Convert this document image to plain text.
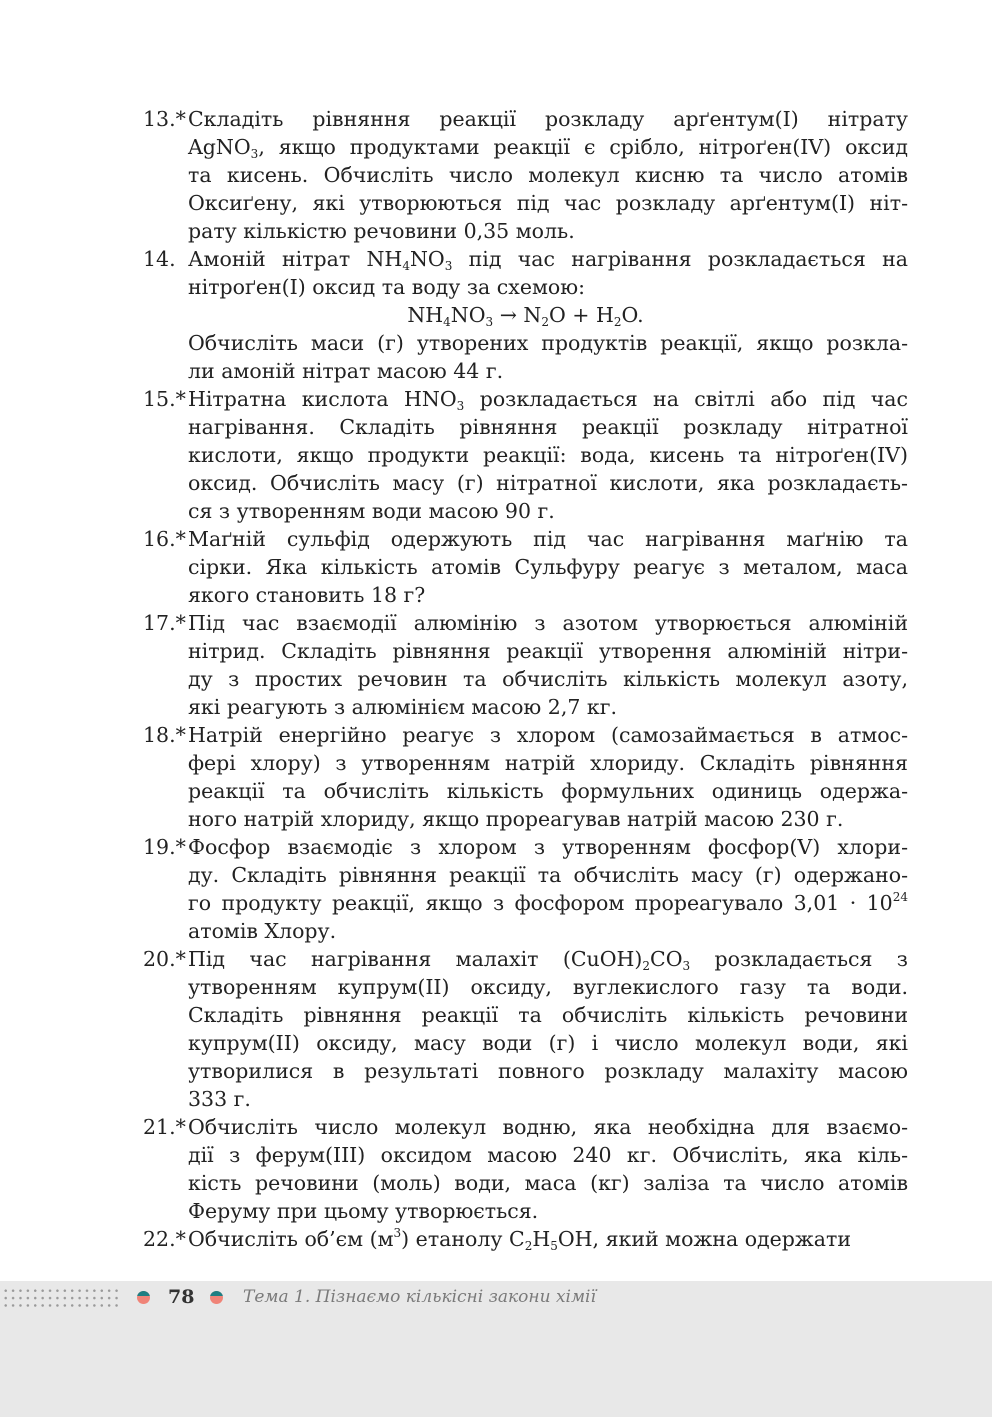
13.* Складіть рівняння реакції розкладу арґентум(I) нітрату
AgNO$_3$, якщо продуктами реакції є срібло, нітроґен(IV) оксид
та кисень. Обчисліть число молекул кисню та число атомів
Оксиґену, які утворюються під час розкладу арґентум(I) ніт-
рату кількістю речовини 0,35 моль.
14. Амоній нітрат $NH_4NO_3$ під час нагрівання розкладається на
нітроґен(I) оксид та воду за схемою:
$NH_4NO_3 \to N_2O + H_2O$.
Обчисліть маси (г) утворених продуктів реакції, якщо розкла-
ли амоній нітрат масою 44 г.
15.* Нітратна кислота $HNO_3$ розкладається на світлі або під час
нагрівання. Складіть рівняння реакції розкладу нітратної
кислоти, якщо продукти реакції: вода, кисень та нітроґен(IV)
оксид. Обчисліть масу (г) нітратної кислоти, яка розкладаєть-
ся з утворенням води масою 90 г.
16.* Маґній сульфід одержують під час нагрівання маґнію та
сірки. Яка кількість атомів Сульфуру реагує з металом, маса
якого становить 18 г?
17.* Під час взаємодії алюмінію з азотом утворюється алюміній
нітрид. Складіть рівняння реакції утворення алюміній нітри-
ду з простих речовин та обчисліть кількість молекул азоту,
які реагують з алюмінієм масою 2,7 кг.
18.* Натрій енергійно реагує з хлором (самозаймається в атмос-
фері хлору) з утворенням натрій хлориду. Складіть рівняння
реакції та обчисліть кількість формульних одиниць одержа-
ного натрій хлориду, якщо прореагував натрій масою 230 г.
19.* Фосфор взаємодіє з хлором з утворенням фосфор(V) хлори-
ду. Складіть рівняння реакції та обчисліть масу (г) одержано-
го продукту реакції, якщо з фосфором прореагувало $3,01 \cdot 10^{24}$
атомів Хлору.
20.* Під час нагрівання малахіт $(CuOH)_2CO_3$ розкладається з
утворенням купрум(II) оксиду, вуглекислого газу та води.
Складіть рівняння реакції та обчисліть кількість речовини
купрум(II) оксиду, масу води (г) і число молекул води, які
утворилися в результаті повного розкладу малахіту масою
333 г.
21.* Обчисліть число молекул водню, яка необхідна для взаємо-
дії з ферум(III) оксидом масою 240 кг. Обчисліть, яка кіль-
кість речовини (моль) води, маса (кг) заліза та число атомів
Феруму при цьому утворюється.
22.* Обчисліть об’єм $(м^3)$ етанолу $C_2H_5OH$, який можна одержати
78	Тема 1. Пізнаємо кількісні закони хімії
